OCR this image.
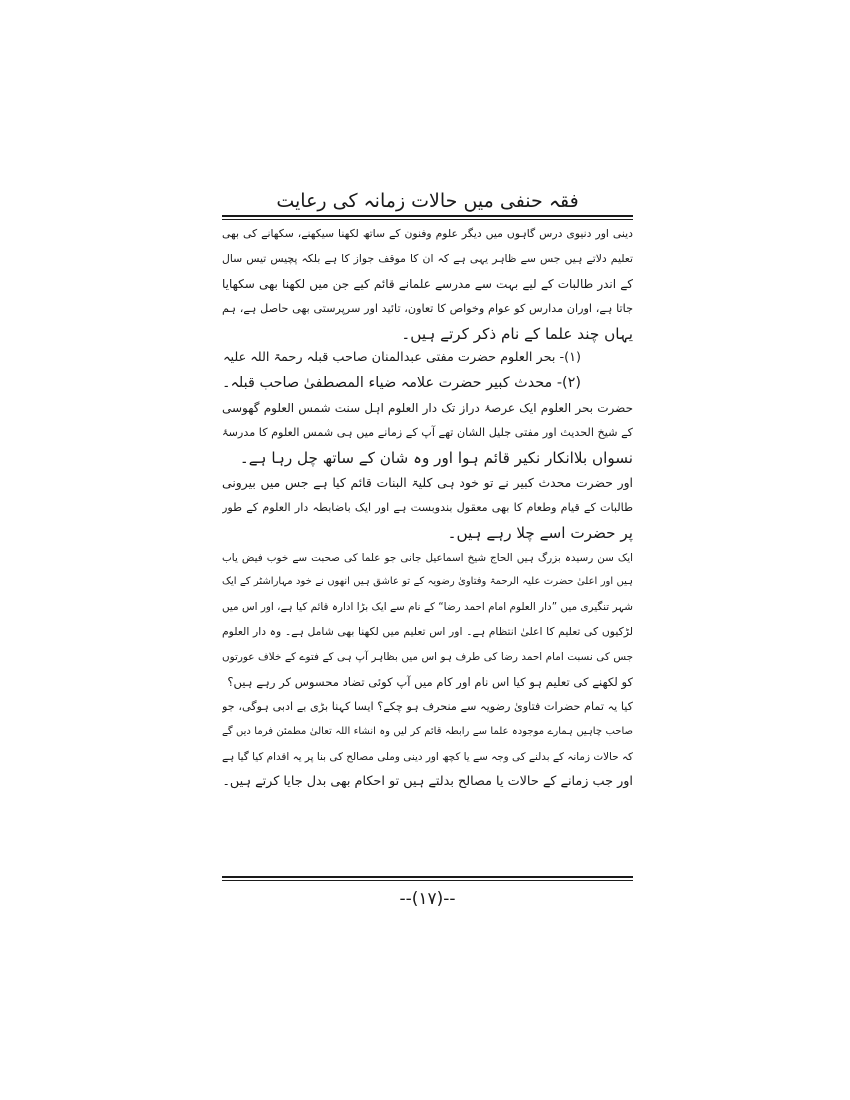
فقہ حنفی میں حالات زمانہ کی رعایت
دینی اور دنیوی درس گاہوں میں دیگر علوم وفنون کے ساتھ لکھنا سیکھنے، سکھانے کی بھی
تعلیم دلاتے ہیں جس سے ظاہر یہی ہے کہ ان کا موقف جواز کا ہے بلکہ پچیس تیس سال
کے اندر طالبات کے لیے بہت سے مدرسے علمانے قائم کیے جن میں لکھنا بھی سکھایا
جاتا ہے، اوران مدارس کو عوام وخواص کا تعاون، تائید اور سرپرستی بھی حاصل ہے، ہم
یہاں چند علما کے نام ذکر کرتے ہیں۔
(۱)- بحر العلوم حضرت مفتی عبدالمنان صاحب قبلہ رحمۃ اللہ علیہ
(۲)- محدث کبیر حضرت علامہ ضیاء المصطفیٰ صاحب قبلہ۔
حضرت بحر العلوم ایک عرصۂ دراز تک دار العلوم اہل سنت شمس العلوم گھوسی
کے شیخ الحدیث اور مفتی جلیل الشان تھے آپ کے زمانے میں ہی شمس العلوم کا مدرسۂ
نسواں بلاانکار نکیر قائم ہوا اور وہ شان کے ساتھ چل رہا ہے۔
اور حضرت محدث کبیر نے تو خود ہی کلیۃ البنات قائم کیا ہے جس میں بیرونی
طالبات کے قیام وطعام کا بھی معقول بندوبست ہے اور ایک باضابطہ دار العلوم کے طور
پر حضرت اسے چلا رہے ہیں۔
ایک سن رسیدہ بزرگ ہیں الحاج شیخ اسماعیل جانی جو علما کی صحبت سے خوب فیض یاب
ہیں اور اعلیٰ حضرت علیہ الرحمۃ وفتاویٰ رضویہ کے تو عاشق ہیں انھوں نے خود مہاراشٹر کے ایک
شہر تنگیری میں ”دار العلوم امام احمد رضا“ کے نام سے ایک بڑا ادارہ قائم کیا ہے، اور اس میں
لڑکیوں کی تعلیم کا اعلیٰ انتظام ہے۔ اور اس تعلیم میں لکھنا بھی شامل ہے۔ وہ دار العلوم
جس کی نسبت امام احمد رضا کی طرف ہو اس میں بظاہر آپ ہی کے فتوے کے خلاف عورتوں
کو لکھنے کی تعلیم ہو کیا اس نام اور کام میں آپ کوئی تضاد محسوس کر رہے ہیں؟
کیا یہ تمام حضرات فتاویٰ رضویہ سے منحرف ہو چکے؟ ایسا کہنا بڑی بے ادبی ہوگی، جو
صاحب چاہیں ہمارے موجودہ علما سے رابطہ قائم کر لیں وہ انشاء اللہ تعالیٰ مطمئن فرما دیں گے
کہ حالات زمانہ کے بدلنے کی وجہ سے یا کچھ اور دینی وملی مصالح کی بنا پر یہ اقدام کیا گیا ہے
اور جب زمانے کے حالات یا مصالح بدلتے ہیں تو احکام بھی بدل جایا کرتے ہیں۔
--(۱۷)--
